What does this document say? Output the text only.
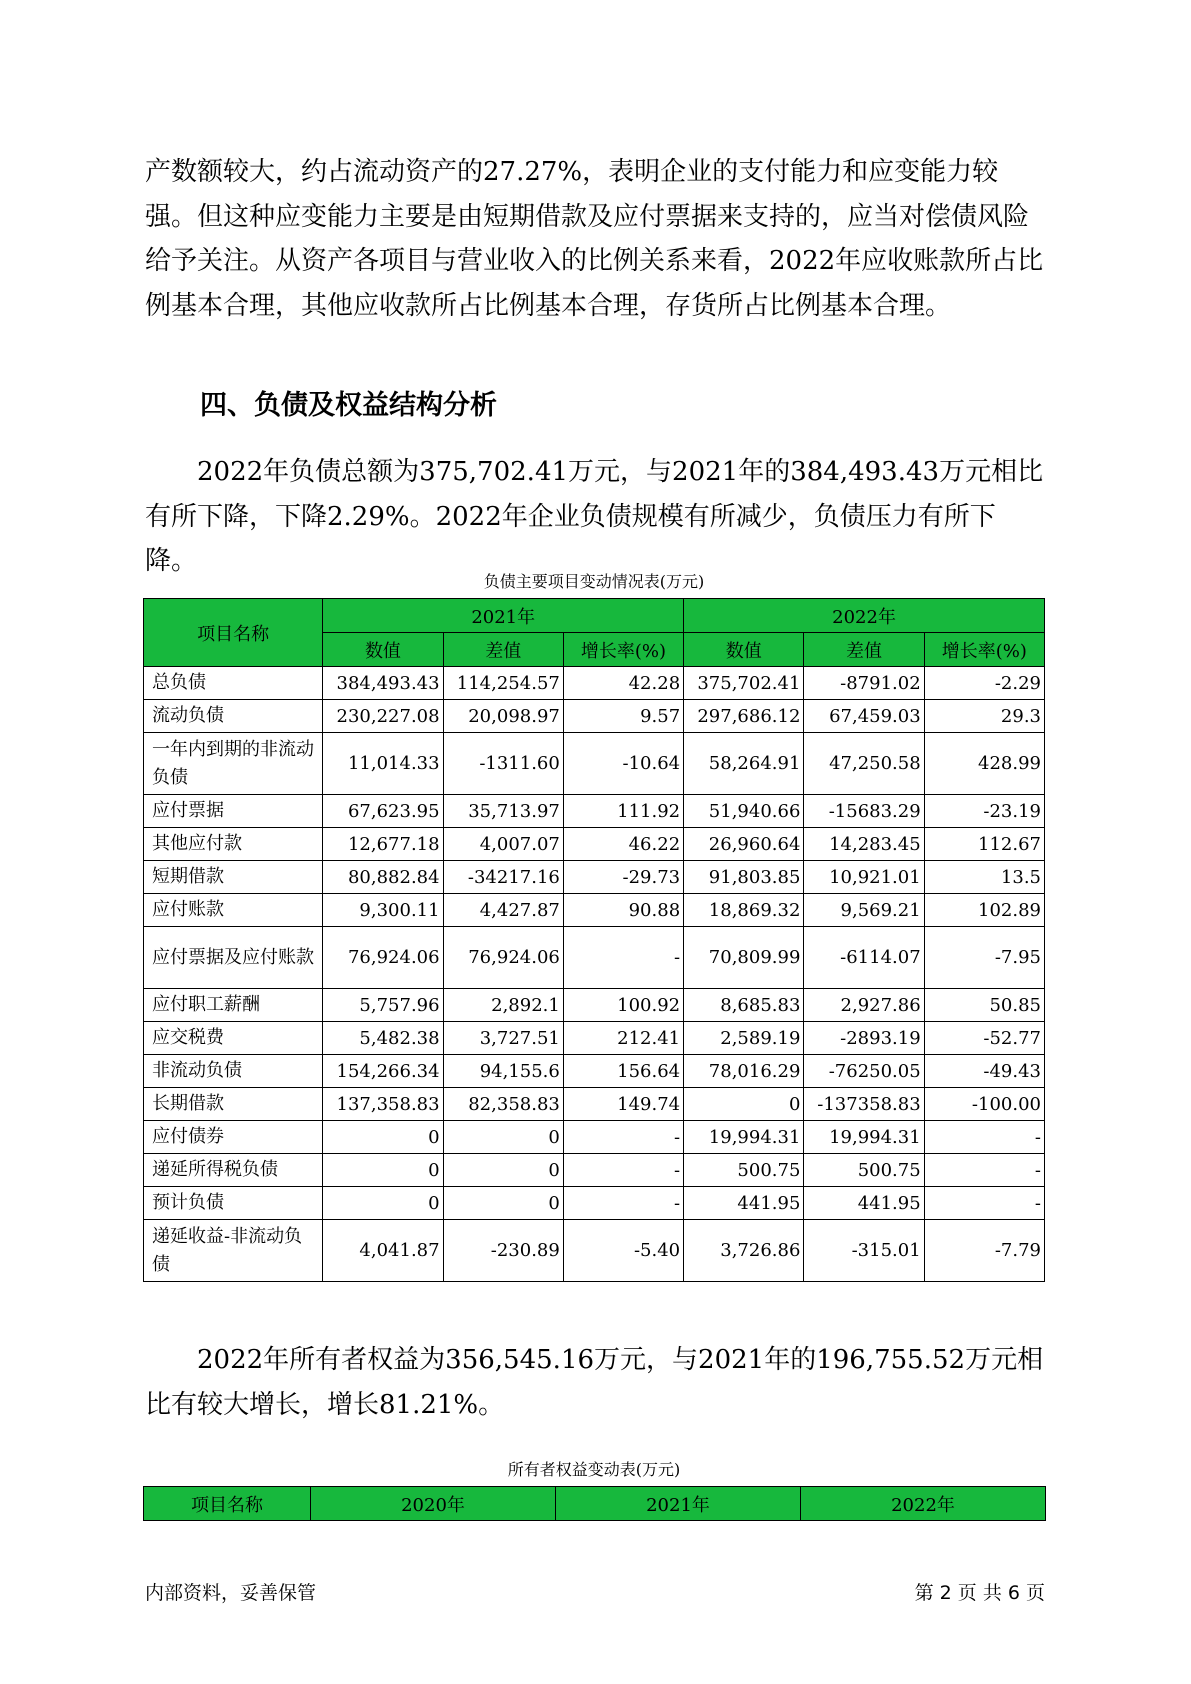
产数额较大，约占流动资产的27.27%，表明企业的支付能力和应变能力较强。但这种应变能力主要是由短期借款及应付票据来支持的，应当对偿债风险给予关注。从资产各项目与营业收入的比例关系来看，2022年应收账款所占比例基本合理，其他应收款所占比例基本合理，存货所占比例基本合理。

四、负债及权益结构分析

2022年负债总额为375,702.41万元，与2021年的384,493.43万元相比有所下降，下降2.29%。2022年企业负债规模有所减少，负债压力有所下降。

负债主要项目变动情况表(万元)
项目名称	2021年			2022年		
	数值	差值	增长率(%)	数值	差值	增长率(%)
总负债	384,493.43	114,254.57	42.28	375,702.41	-8791.02	-2.29
流动负债	230,227.08	20,098.97	9.57	297,686.12	67,459.03	29.3
一年内到期的非流动负债	11,014.33	-1311.60	-10.64	58,264.91	47,250.58	428.99
应付票据	67,623.95	35,713.97	111.92	51,940.66	-15683.29	-23.19
其他应付款	12,677.18	4,007.07	46.22	26,960.64	14,283.45	112.67
短期借款	80,882.84	-34217.16	-29.73	91,803.85	10,921.01	13.5
应付账款	9,300.11	4,427.87	90.88	18,869.32	9,569.21	102.89
应付票据及应付账款	76,924.06	76,924.06	-	70,809.99	-6114.07	-7.95
应付职工薪酬	5,757.96	2,892.1	100.92	8,685.83	2,927.86	50.85
应交税费	5,482.38	3,727.51	212.41	2,589.19	-2893.19	-52.77
非流动负债	154,266.34	94,155.6	156.64	78,016.29	-76250.05	-49.43
长期借款	137,358.83	82,358.83	149.74	0	-137358.83	-100.00
应付债券	0	0	-	19,994.31	19,994.31	-
递延所得税负债	0	0	-	500.75	500.75	-
预计负债	0	0	-	441.95	441.95	-
递延收益-非流动负债	4,041.87	-230.89	-5.40	3,726.86	-315.01	-7.79

2022年所有者权益为356,545.16万元，与2021年的196,755.52万元相比有较大增长，增长81.21%。

所有者权益变动表(万元)
项目名称	2020年	2021年	2022年
内部资料，妥善保管	第 2 页 共 6 页
